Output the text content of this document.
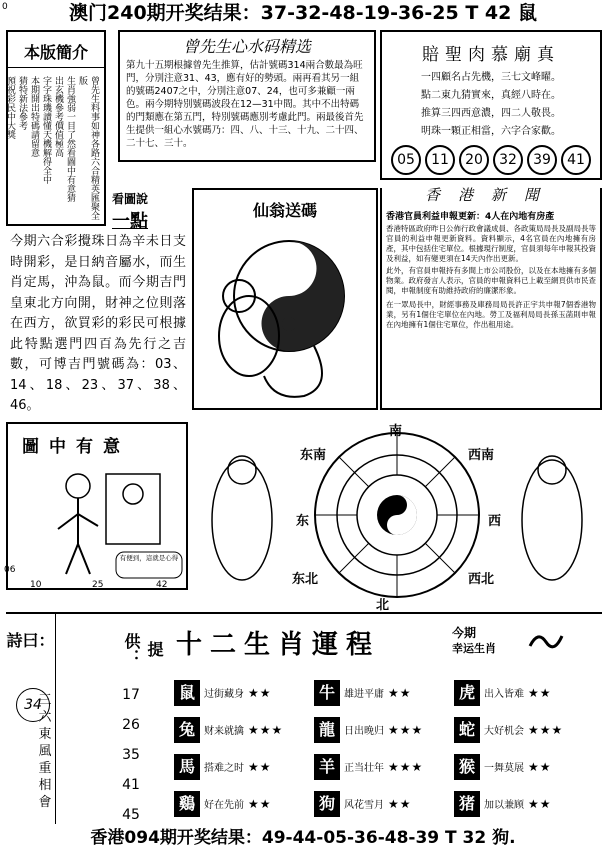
0	澳门240期开奖结果：37-32-48-19-36-25 T 42 鼠
本版簡介
曾先生料事如神各路六合精英匯聚全版
生肖強弱一目了然看圖中有意猜
出玄機參考價值極高
字字珠璣讀懂天機解得全中
本期開出特碼請留意
猜特新法參考
預祝彩民中大獎
曾先生心水码精选
第九十五期根據曾先生推算，估計號碼314兩合數最為旺門，分別注意31、43，應有好的勢頭。兩再看其另一組的號碼2407之中，分別注意07、24，也可多兼顧一兩色。兩今期特別號碼波段在12—31中間。其中不出特碼的門類應在第五門，特別號碼應別考慮此門。兩最後首先生提供一組心水號碼乃：四、八、十三、十九、二十四、二十七、三十。
賠聖肉慕廟真
一四顧名占先機，三七文峰曜。
點二東九猜實來，真經八時在。
推算三四西意濃，四二人敬畏。
明珠一顆正相當，六字合家歡。
05 11 20 32 39 41
看圖說
一點
今期六合彩攪珠日為辛未日支時開彩，是日納音屬水，而生肖定馬，沖為鼠。而今期吉門皇東北方向開，財神之位則落在西方，欲買彩的彩民可根據此特點選門四百為先行之吉數，可博吉門號碼為：03、14、18、23、37、38、46。
仙翁送碼
香港新聞
香港官員利益申報更新：4人在內地有房產
香港特區政府昨日公佈行政會議成員、各政策局局長及副局長等官員的利益申報更新資料。資料顯示，4名官員在內地擁有房產，其中包括住宅單位。根據現行制度，官員須每年申報其投資及利益，如有變更須在14天內作出更新。
此外，有官員申報持有多間上市公司股份，以及在本地擁有多個物業。政府發言人表示，官員的申報資料已上載至網頁供市民查閱，申報制度有助維持政府的廉潔形象。
在一眾局長中，財經事務及庫務局局長許正宇共申報7個香港物業，另有1個住宅單位在內地。勞工及福利局局長孫玉菡則申報在內地擁有1個住宅單位，作出租用途。
圖中有意
有便到，這就是心得
06
10	25	42
南
东南	西南
东	西
东北	西北
北
詩曰：
34
三
六
東
風
重
相
會
提供：
17
26
35
41
45
十二生肖運程	今期
幸运生肖
鼠 过街藏身 ★★	牛 雄进平庸 ★★	虎 出入皆难 ★★
兔 财来就擒 ★★★	龍 日出晚归 ★★★	蛇 大好机会 ★★★
馬 搭难之时 ★★	羊 正当壮年 ★★★	猴 一舞莫展 ★★
鷄 好在先前 ★★	狗 风花雪月 ★★	猪 加以兼顾 ★★
香港094期开奖结果：49-44-05-36-48-39 T 32 狗.
